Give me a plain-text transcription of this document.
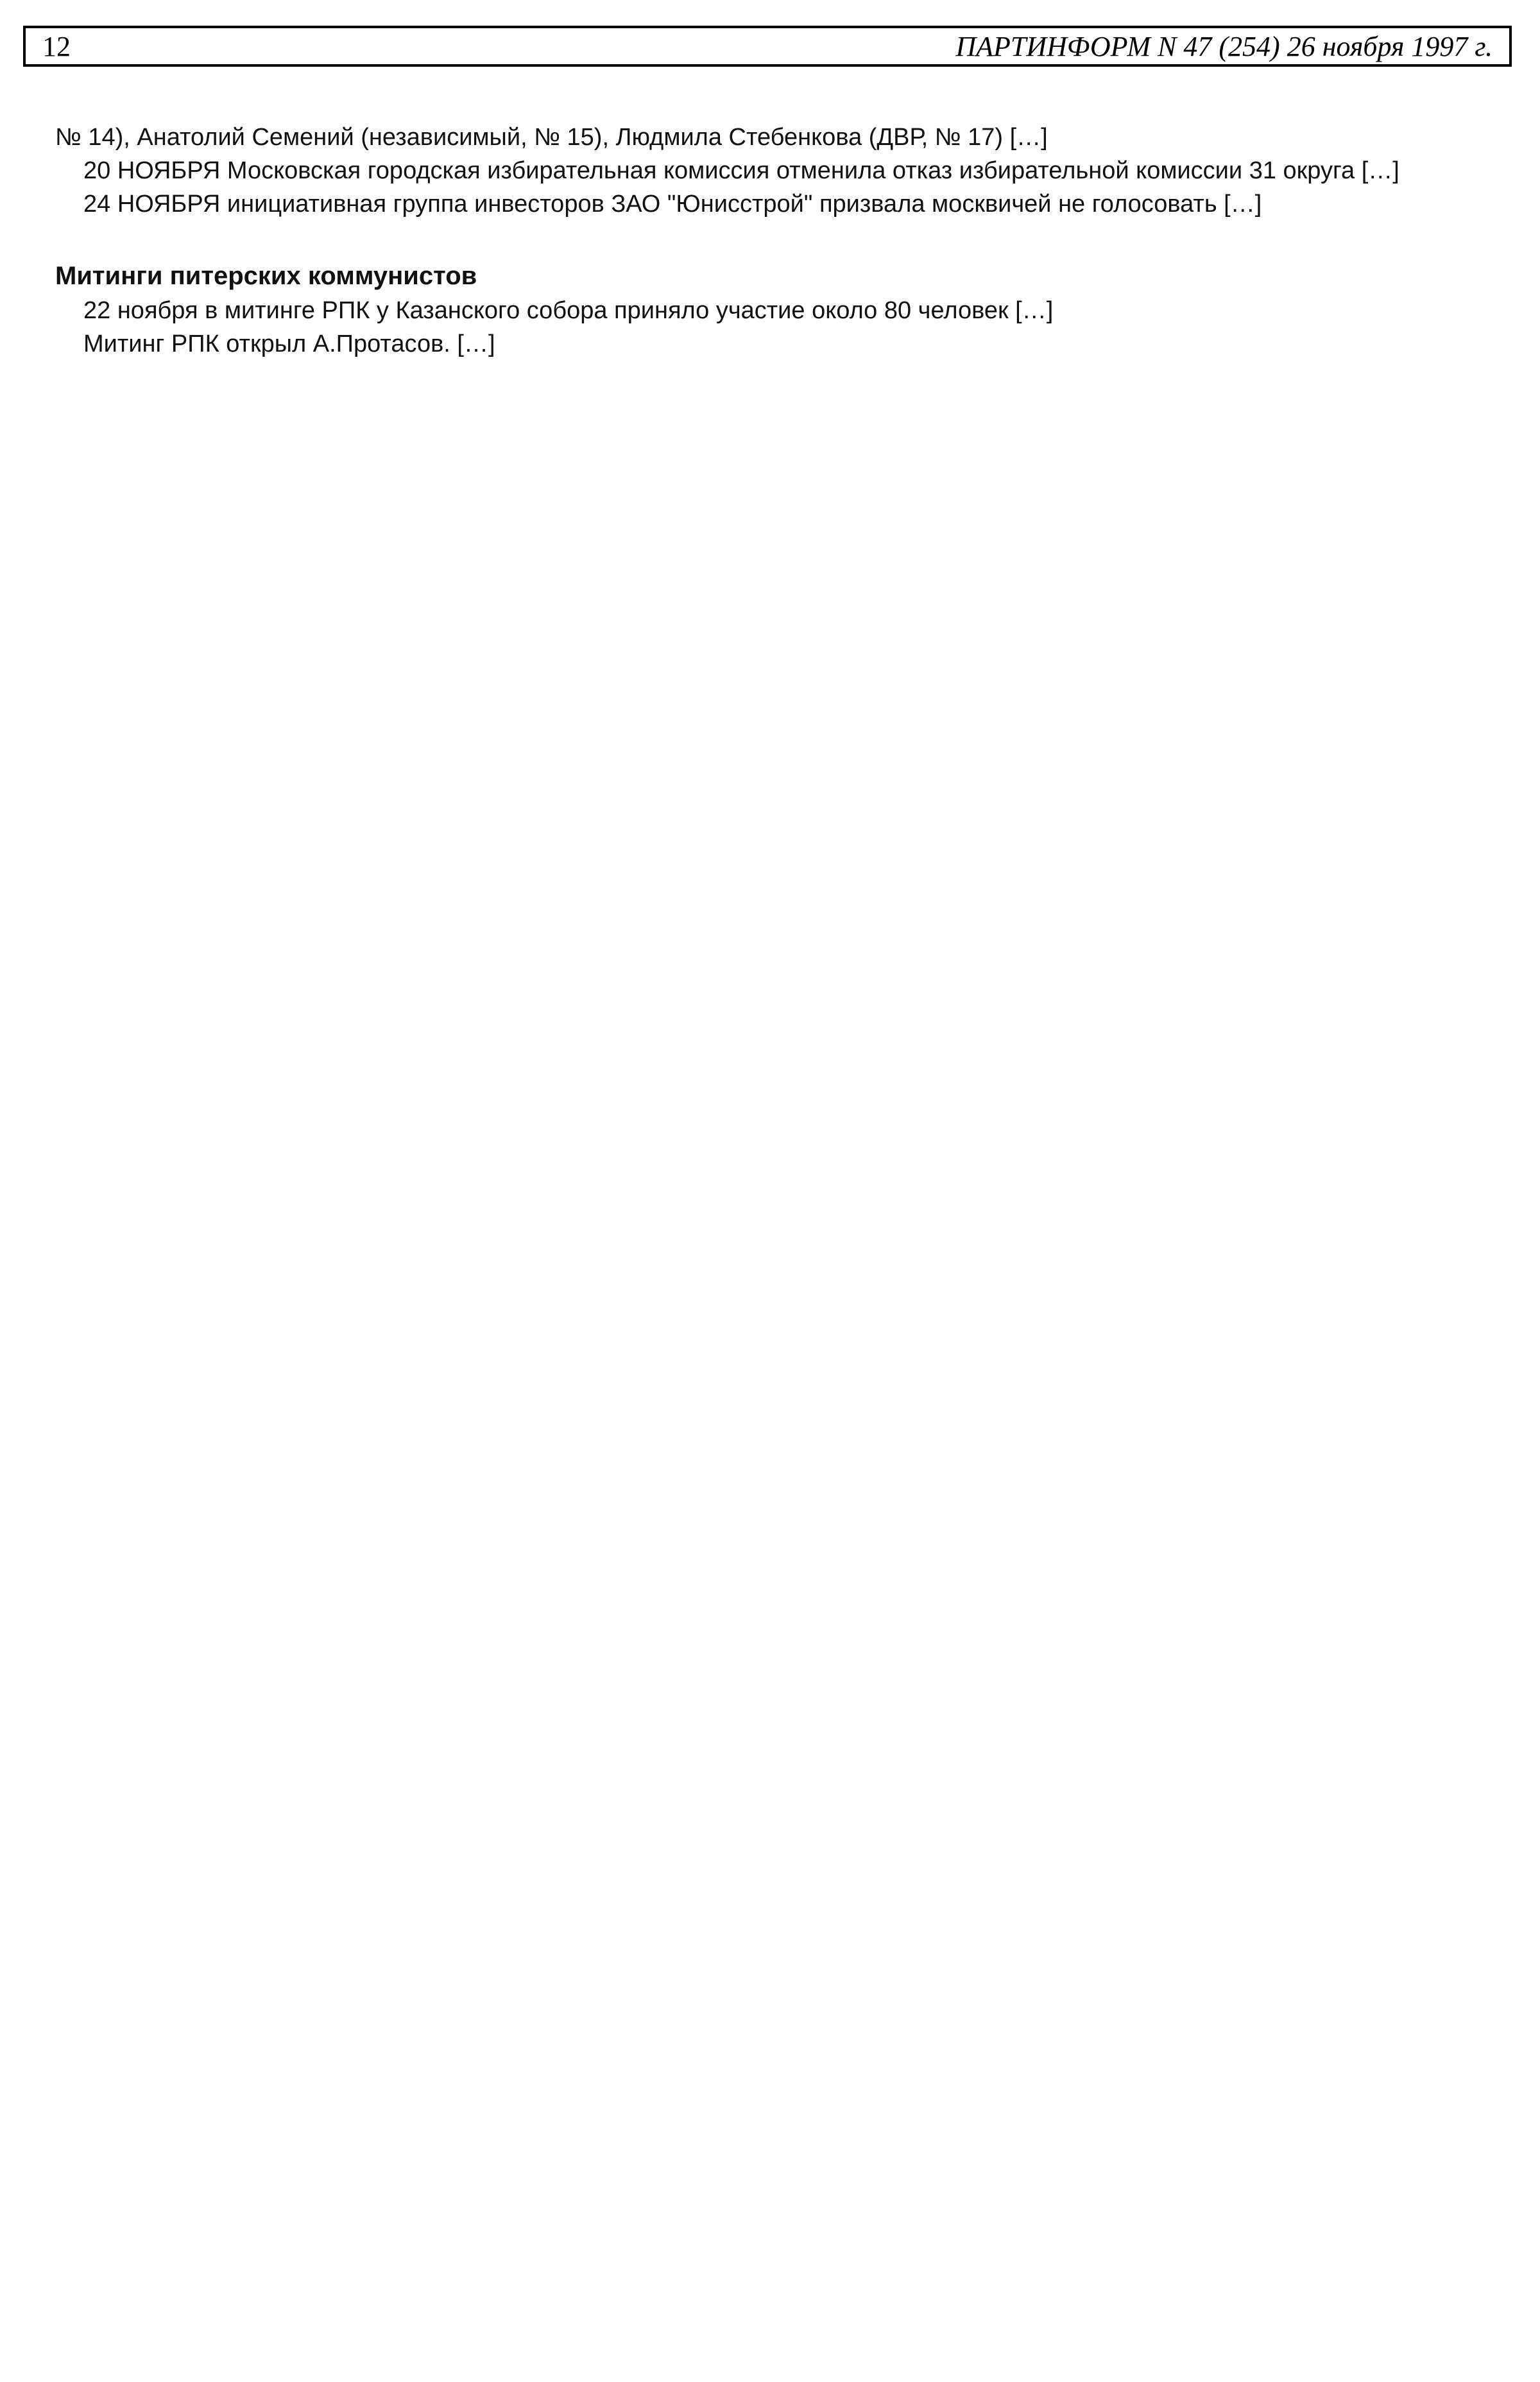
12	ПАРТИНФОРМ N 47 (254) 26 ноября 1997 г.

№ 14), Анатолий Семений (независимый, № 15), Людмила Стебенкова (ДВР, № 17) […]

20 НОЯБРЯ Московская городская избирательная комиссия отменила отказ избирательной комиссии 31 округа […]

24 НОЯБРЯ инициативная группа инвесторов ЗАО "Юнисстрой" призвала москвичей не голосовать […]

Митинги питерских коммунистов

22 ноября в митинге РПК у Казанского собора приняло участие около 80 человек […]

Митинг РПК открыл А.Протасов. […]
